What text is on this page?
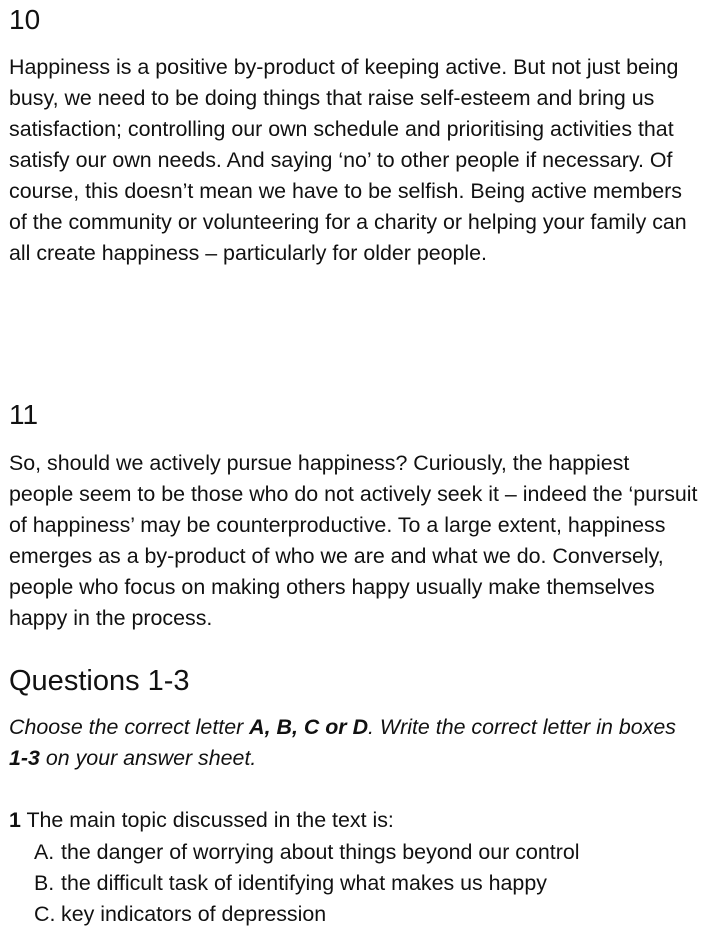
10

Happiness is a positive by-product of keeping active. But not just being busy, we need to be doing things that raise self-esteem and bring us satisfaction; controlling our own schedule and prioritising activities that satisfy our own needs. And saying ‘no’ to other people if necessary. Of course, this doesn’t mean we have to be selfish. Being active members of the community or volunteering for a charity or helping your family can all create happiness – particularly for older people.

11

So, should we actively pursue happiness? Curiously, the happiest people seem to be those who do not actively seek it – indeed the ‘pursuit of happiness’ may be counterproductive. To a large extent, happiness emerges as a by-product of who we are and what we do. Conversely, people who focus on making others happy usually make themselves happy in the process.

Questions 1-3

Choose the correct letter A, B, C or D. Write the correct letter in boxes 1-3 on your answer sheet.

1 The main topic discussed in the text is:

A. the danger of worrying about things beyond our control
B. the difficult task of identifying what makes us happy
C. key indicators of depression
